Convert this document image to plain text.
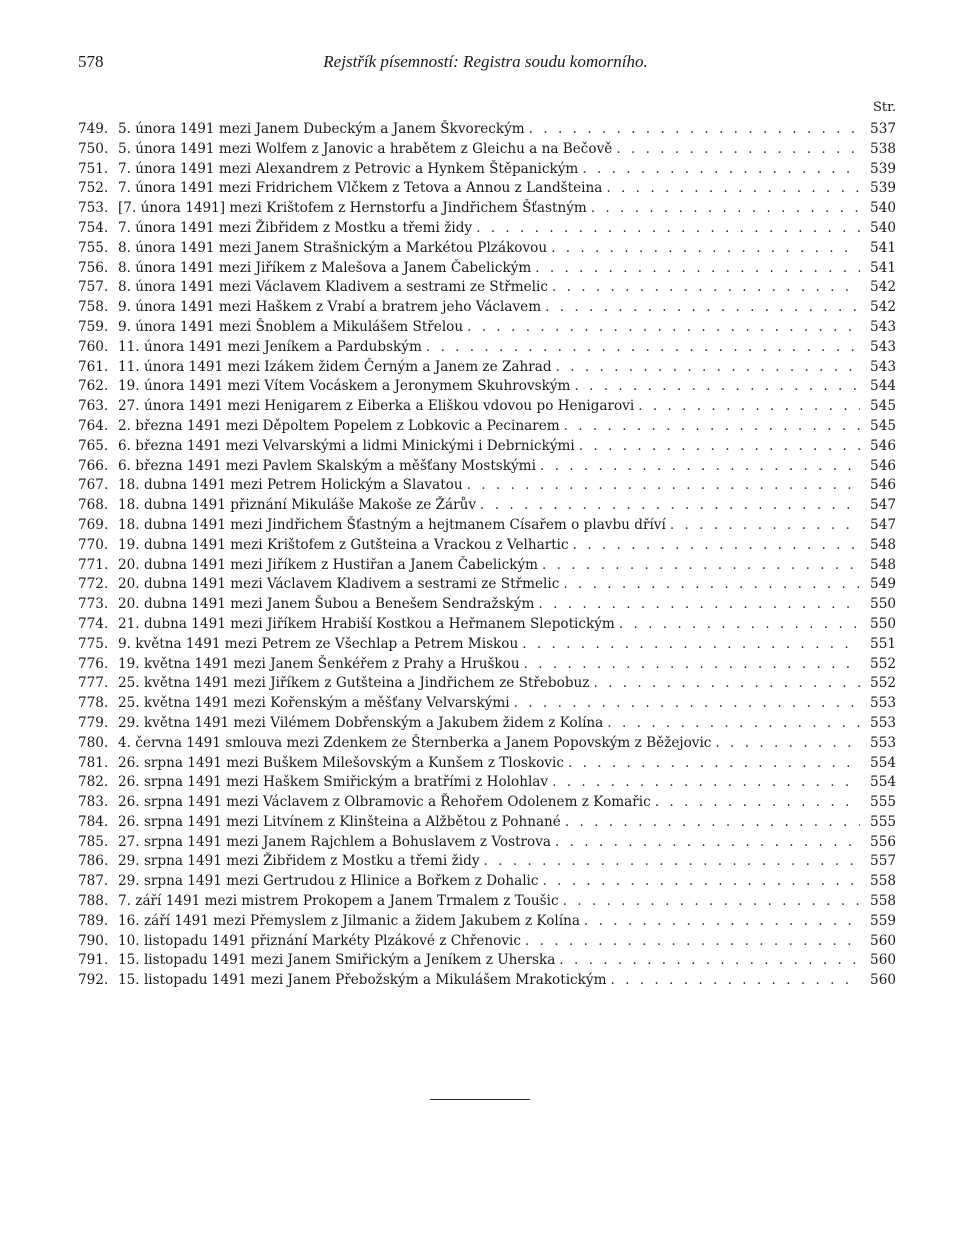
578	Rejstřík písemností: Registra soudu komorního.
Str.
749. 5. února 1491 mezi Janem Dubeckým a Janem Škvoreckým . . .	537
750. 5. února 1491 mezi Wolfem z Janovic a hrabětem z Gleichu a na Bečově . . .	538
751. 7. února 1491 mezi Alexandrem z Petrovic a Hynkem Štěpanickým . . .	539
752. 7. února 1491 mezi Fridrichem Vlčkem z Tetova a Annou z Landšteina . . .	539
753. [7. února 1491] mezi Krištofem z Hernstorfu a Jindřichem Šťastným . . .	540
754. 7. února 1491 mezi Žibřidem z Mostku a třemi židy . . .	540
755. 8. února 1491 mezi Janem Strašnickým a Markétou Plzákovou . . .	541
756. 8. února 1491 mezi Jiříkem z Malešova a Janem Čabelickým . . .	541
757. 8. února 1491 mezi Václavem Kladivem a sestrami ze Střmelic . . .	542
758. 9. února 1491 mezi Haškem z Vrabí a bratrem jeho Václavem . . .	542
759. 9. února 1491 mezi Šnoblem a Mikulášem Střelou . . .	543
760. 11. února 1491 mezi Jeníkem a Pardubským . . .	543
761. 11. února 1491 mezi Izákem židem Černým a Janem ze Zahrad . . .	543
762. 19. února 1491 mezi Vítem Vocáskem a Jeronymem Skuhrovským . . .	544
763. 27. února 1491 mezi Henigarem z Eiberka a Eliškou vdovou po Henigarovi . . .	545
764. 2. března 1491 mezi Děpoltem Popelem z Lobkovic a Pecinarem . . .	545
765. 6. března 1491 mezi Velvarskými a lidmi Minickými i Debrnickými . . .	546
766. 6. března 1491 mezi Pavlem Skalským a měšťany Mostskými . . .	546
767. 18. dubna 1491 mezi Petrem Holickým a Slavatou . . .	546
768. 18. dubna 1491 přiznání Mikuláše Makoše ze Žárův . . .	547
769. 18. dubna 1491 mezi Jindřichem Šťastným a hejtmanem Císařem o plavbu dříví . . .	547
770. 19. dubna 1491 mezi Krištofem z Gutšteina a Vrackou z Velhartic . . .	548
771. 20. dubna 1491 mezi Jiříkem z Hustiřan a Janem Čabelickým . . .	548
772. 20. dubna 1491 mezi Václavem Kladivem a sestrami ze Střmelic . . .	549
773. 20. dubna 1491 mezi Janem Šubou a Benešem Sendražským . . .	550
774. 21. dubna 1491 mezi Jiříkem Hrabiší Kostkou a Heřmanem Slepotickým . . .	550
775. 9. května 1491 mezi Petrem ze Všechlap a Petrem Miskou . . .	551
776. 19. května 1491 mezi Janem Šenkéřem z Prahy a Hruškou . . .	552
777. 25. května 1491 mezi Jiříkem z Gutšteina a Jindřichem ze Střebobuz . . .	552
778. 25. května 1491 mezi Kořenským a měšťany Velvarskými . . .	553
779. 29. května 1491 mezi Vilémem Dobřenským a Jakubem židem z Kolína . . .	553
780. 4. června 1491 smlouva mezi Zdenkem ze Šternberka a Janem Popovským z Běžejovic . . .	553
781. 26. srpna 1491 mezi Buškem Milešovským a Kunšem z Tloskovic . . .	554
782. 26. srpna 1491 mezi Haškem Smiřickým a bratřími z Holohlav . . .	554
783. 26. srpna 1491 mezi Václavem z Olbramovic a Řehořem Odolenem z Komařic . . .	555
784. 26. srpna 1491 mezi Litvínem z Klinšteina a Alžbětou z Pohnané . . .	555
785. 27. srpna 1491 mezi Janem Rajchlem a Bohuslavem z Vostrova . . .	556
786. 29. srpna 1491 mezi Žibřidem z Mostku a třemi židy . . .	557
787. 29. srpna 1491 mezi Gertrudou z Hlinice a Bořkem z Dohalic . . .	558
788. 7. září 1491 mezi mistrem Prokopem a Janem Trmalem z Toušic . . .	558
789. 16. září 1491 mezi Přemyslem z Jilmanic a židem Jakubem z Kolína . . .	559
790. 10. listopadu 1491 přiznání Markéty Plzákové z Chřenovic . . .	560
791. 15. listopadu 1491 mezi Janem Smiřickým a Jeníkem z Uherska . . .	560
792. 15. listopadu 1491 mezi Janem Přebožským a Mikulášem Mrakotickým . . .	560
